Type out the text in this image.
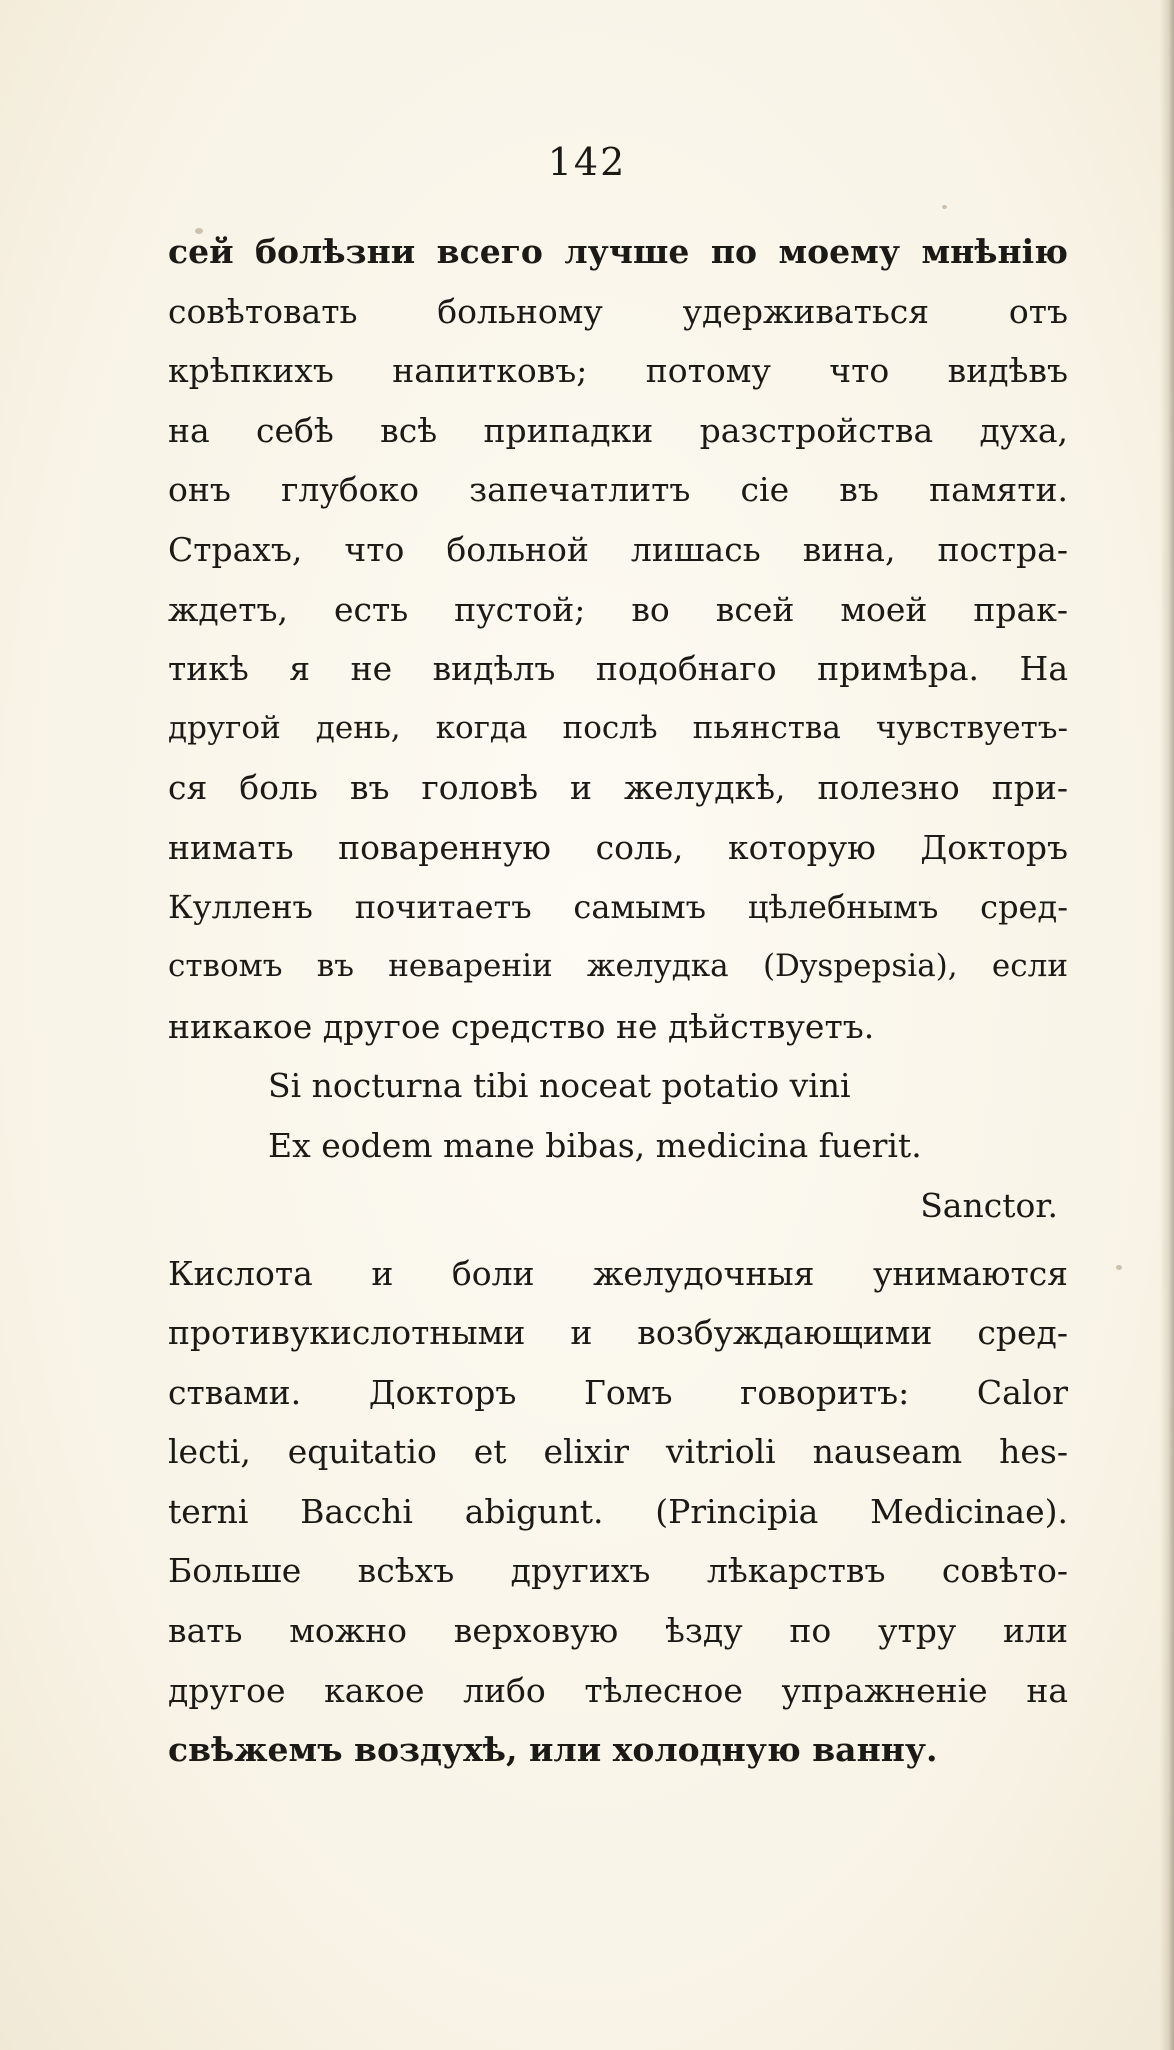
142
сей болѣзни всего лучше по моему мнѣнію
совѣтовать больному удерживаться отъ
крѣпкихъ напитковъ; потому что видѣвъ
на себѣ всѣ припадки разстройства духа,
онъ глубоко запечатлитъ сіе въ памяти.
Страхъ, что больной лишась вина, постра-
ждетъ, есть пустой; во всей моей прак-
тикѣ я не видѣлъ подобнаго примѣра. На
другой день, когда послѣ пьянства чувствуетъ-
ся боль въ головѣ и желудкѣ, полезно при-
нимать поваренную соль, которую Докторъ
Кулленъ почитаетъ самымъ цѣлебнымъ сред-
ствомъ въ невареніи желудка (Dyspepsia), если
никакое другое средство не дѣйствуетъ.
Si nocturna tibi noceat potatio vini
Ex eodem mane bibas, medicina fuerit.
Sanctor.
Кислота и боли желудочныя унимаются
противукислотными и возбуждающими сред-
ствами. Докторъ Гомъ говоритъ: Calor
lecti, equitatio et elixir vitrioli nauseam hes-
terni Bacchi abigunt. (Principia Medicinae).
Больше всѣхъ другихъ лѣкарствъ совѣто-
вать можно верховую ѣзду по утру или
другое какое либо тѣлесное упражненіе на
свѣжемъ воздухѣ, или холодную ванну.
